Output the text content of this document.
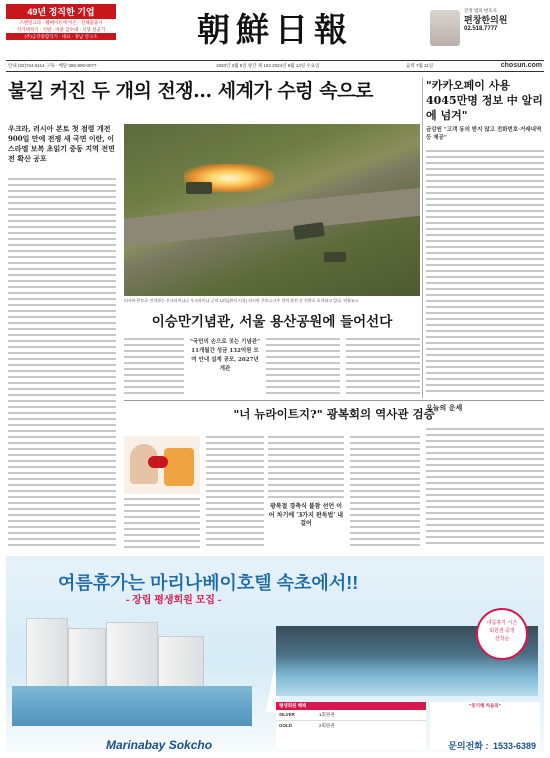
49년 정직한 기업
스텐밀크라 · 웰메이트에 이은 · 신제품출시
식기세척기 · 식판 · 이중 급수대 · 식당 살균기
(주)금강종합식기 · 대표 · 경남 연구소	朝鮮日報	진정 법의 변호사
편창한의원
02.518.7777
안내 (02)724-5114 구독 · 배달 080-900-0077	1920년 3월 5일 창간 제 104 2024년 8월 14일 수요일	음력 7월 11일	chosun.com
불길 커진 두 개의 전쟁… 세계가 수렁 속으로
우크라, 러시아 본토 첫 점령 개전 900일 만에 전쟁 새 국면 이란, 이스라엘 보복 초읽기 중동 지역 전면전 확산 공포
러시아 본토로 진격하는 우크라이나군 우크라이나 군이 12일(현지 시각) 러시아 쿠르스크주 진격 작전 중 전차로 포격하고 있다. 연합뉴스
"카카오페이 사용 4045만명 정보 中 알리에 넘겨"
금감원 "고객 동의 받지 않고 전화번호·거래내역 등 제공"
이승만기념관, 서울 용산공원에 들어선다
"국민의 손으로 짓는 기념관" 11개월간 성금 132억원 모여 안내 설계 공모, 2027년 개관
"너 뉴라이트지?" 광복회의 역사관 검증
광복절 경축식 불참 선언 이어 차기에 '3가지 판독법' 내걸어
오늘의 운세
여름휴가는 마리나베이호텔 속초에서!!
- 장립 평생회원 모집 -
여름휴가 시즌
회원권 증정
선착순
평생회원 혜택
SILVER	1회원권
GOLD	2회원권
"동기해 처음의"
Marinabay Sokcho	문의전화 : 1533-6389
